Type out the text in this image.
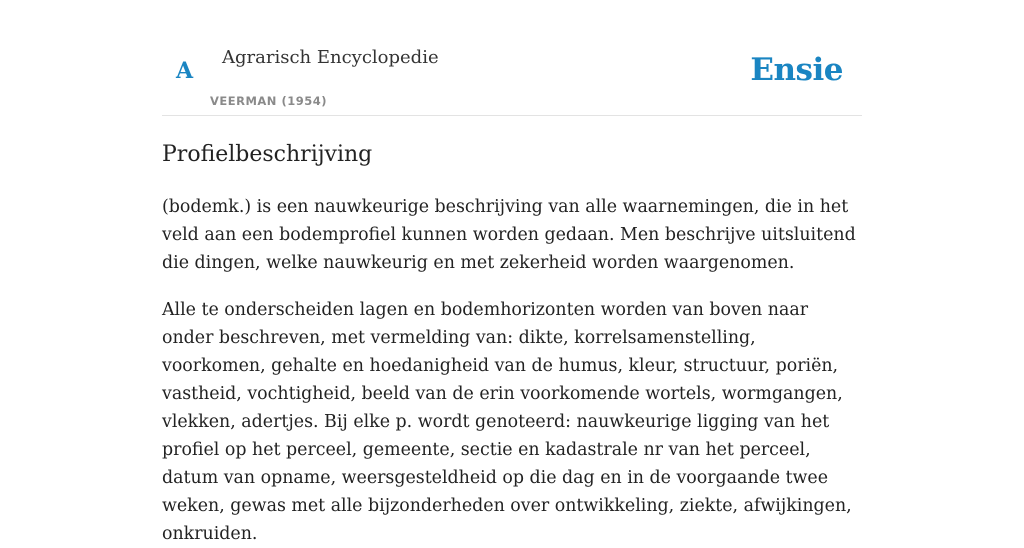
A
Agrarisch Encyclopedie
VEERMAN (1954)
Ensie
Profielbeschrijving

(bodemk.) is een nauwkeurige beschrijving van alle waarnemingen, die in het veld aan een bodemprofiel kunnen worden gedaan. Men beschrijve uitsluitend die dingen, welke nauwkeurig en met zekerheid worden waargenomen.

Alle te onderscheiden lagen en bodemhorizonten worden van boven naar onder beschreven, met vermelding van: dikte, korrelsamenstelling, voorkomen, gehalte en hoedanigheid van de humus, kleur, structuur, poriën, vastheid, vochtigheid, beeld van de erin voorkomende wortels, wormgangen, vlekken, adertjes. Bij elke p. wordt genoteerd: nauwkeurige ligging van het profiel op het perceel, gemeente, sectie en kadastrale nr van het perceel, datum van opname, weersgesteldheid op die dag en in de voorgaande twee weken, gewas met alle bijzonderheden over ontwikkeling, ziekte, afwijkingen, onkruiden.
